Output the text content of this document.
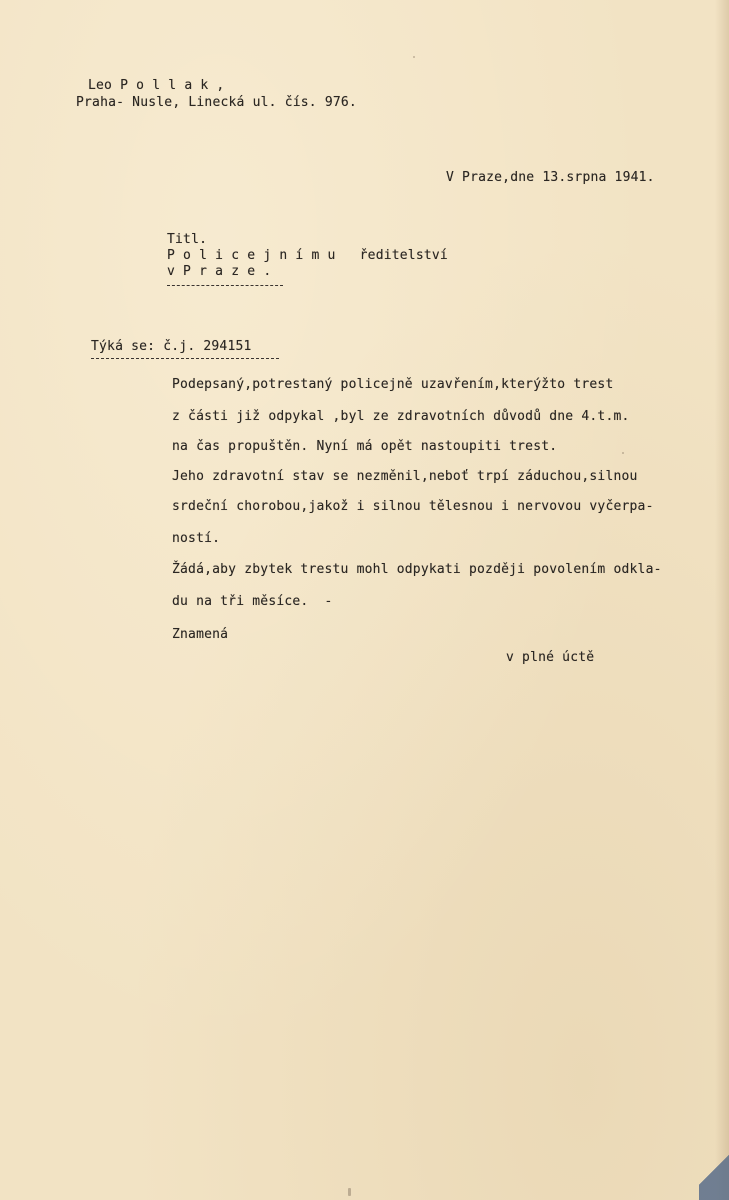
Leo P o l l a k ,
Praha- Nusle, Linecká ul. čís. 976.
V Praze,dne 13.srpna 1941.
Titl.
P o l i c e j n í m u   ředitelství
v P r a z e .
Týká se: č.j. 294151
Podepsaný,potrestaný policejně uzavřením,kterýžto trest
z části již odpykal ,byl ze zdravotních důvodů dne 4.t.m.
na čas propuštěn. Nyní má opět nastoupiti trest.
Jeho zdravotní stav se nezměnil,neboť trpí záduchou,silnou
srdeční chorobou,jakož i silnou tělesnou i nervovou vyčerpa-
ností.
Žádá,aby zbytek trestu mohl odpykati později povolením odkla-
du na tři měsíce.  -
Znamená
v plné úctě
